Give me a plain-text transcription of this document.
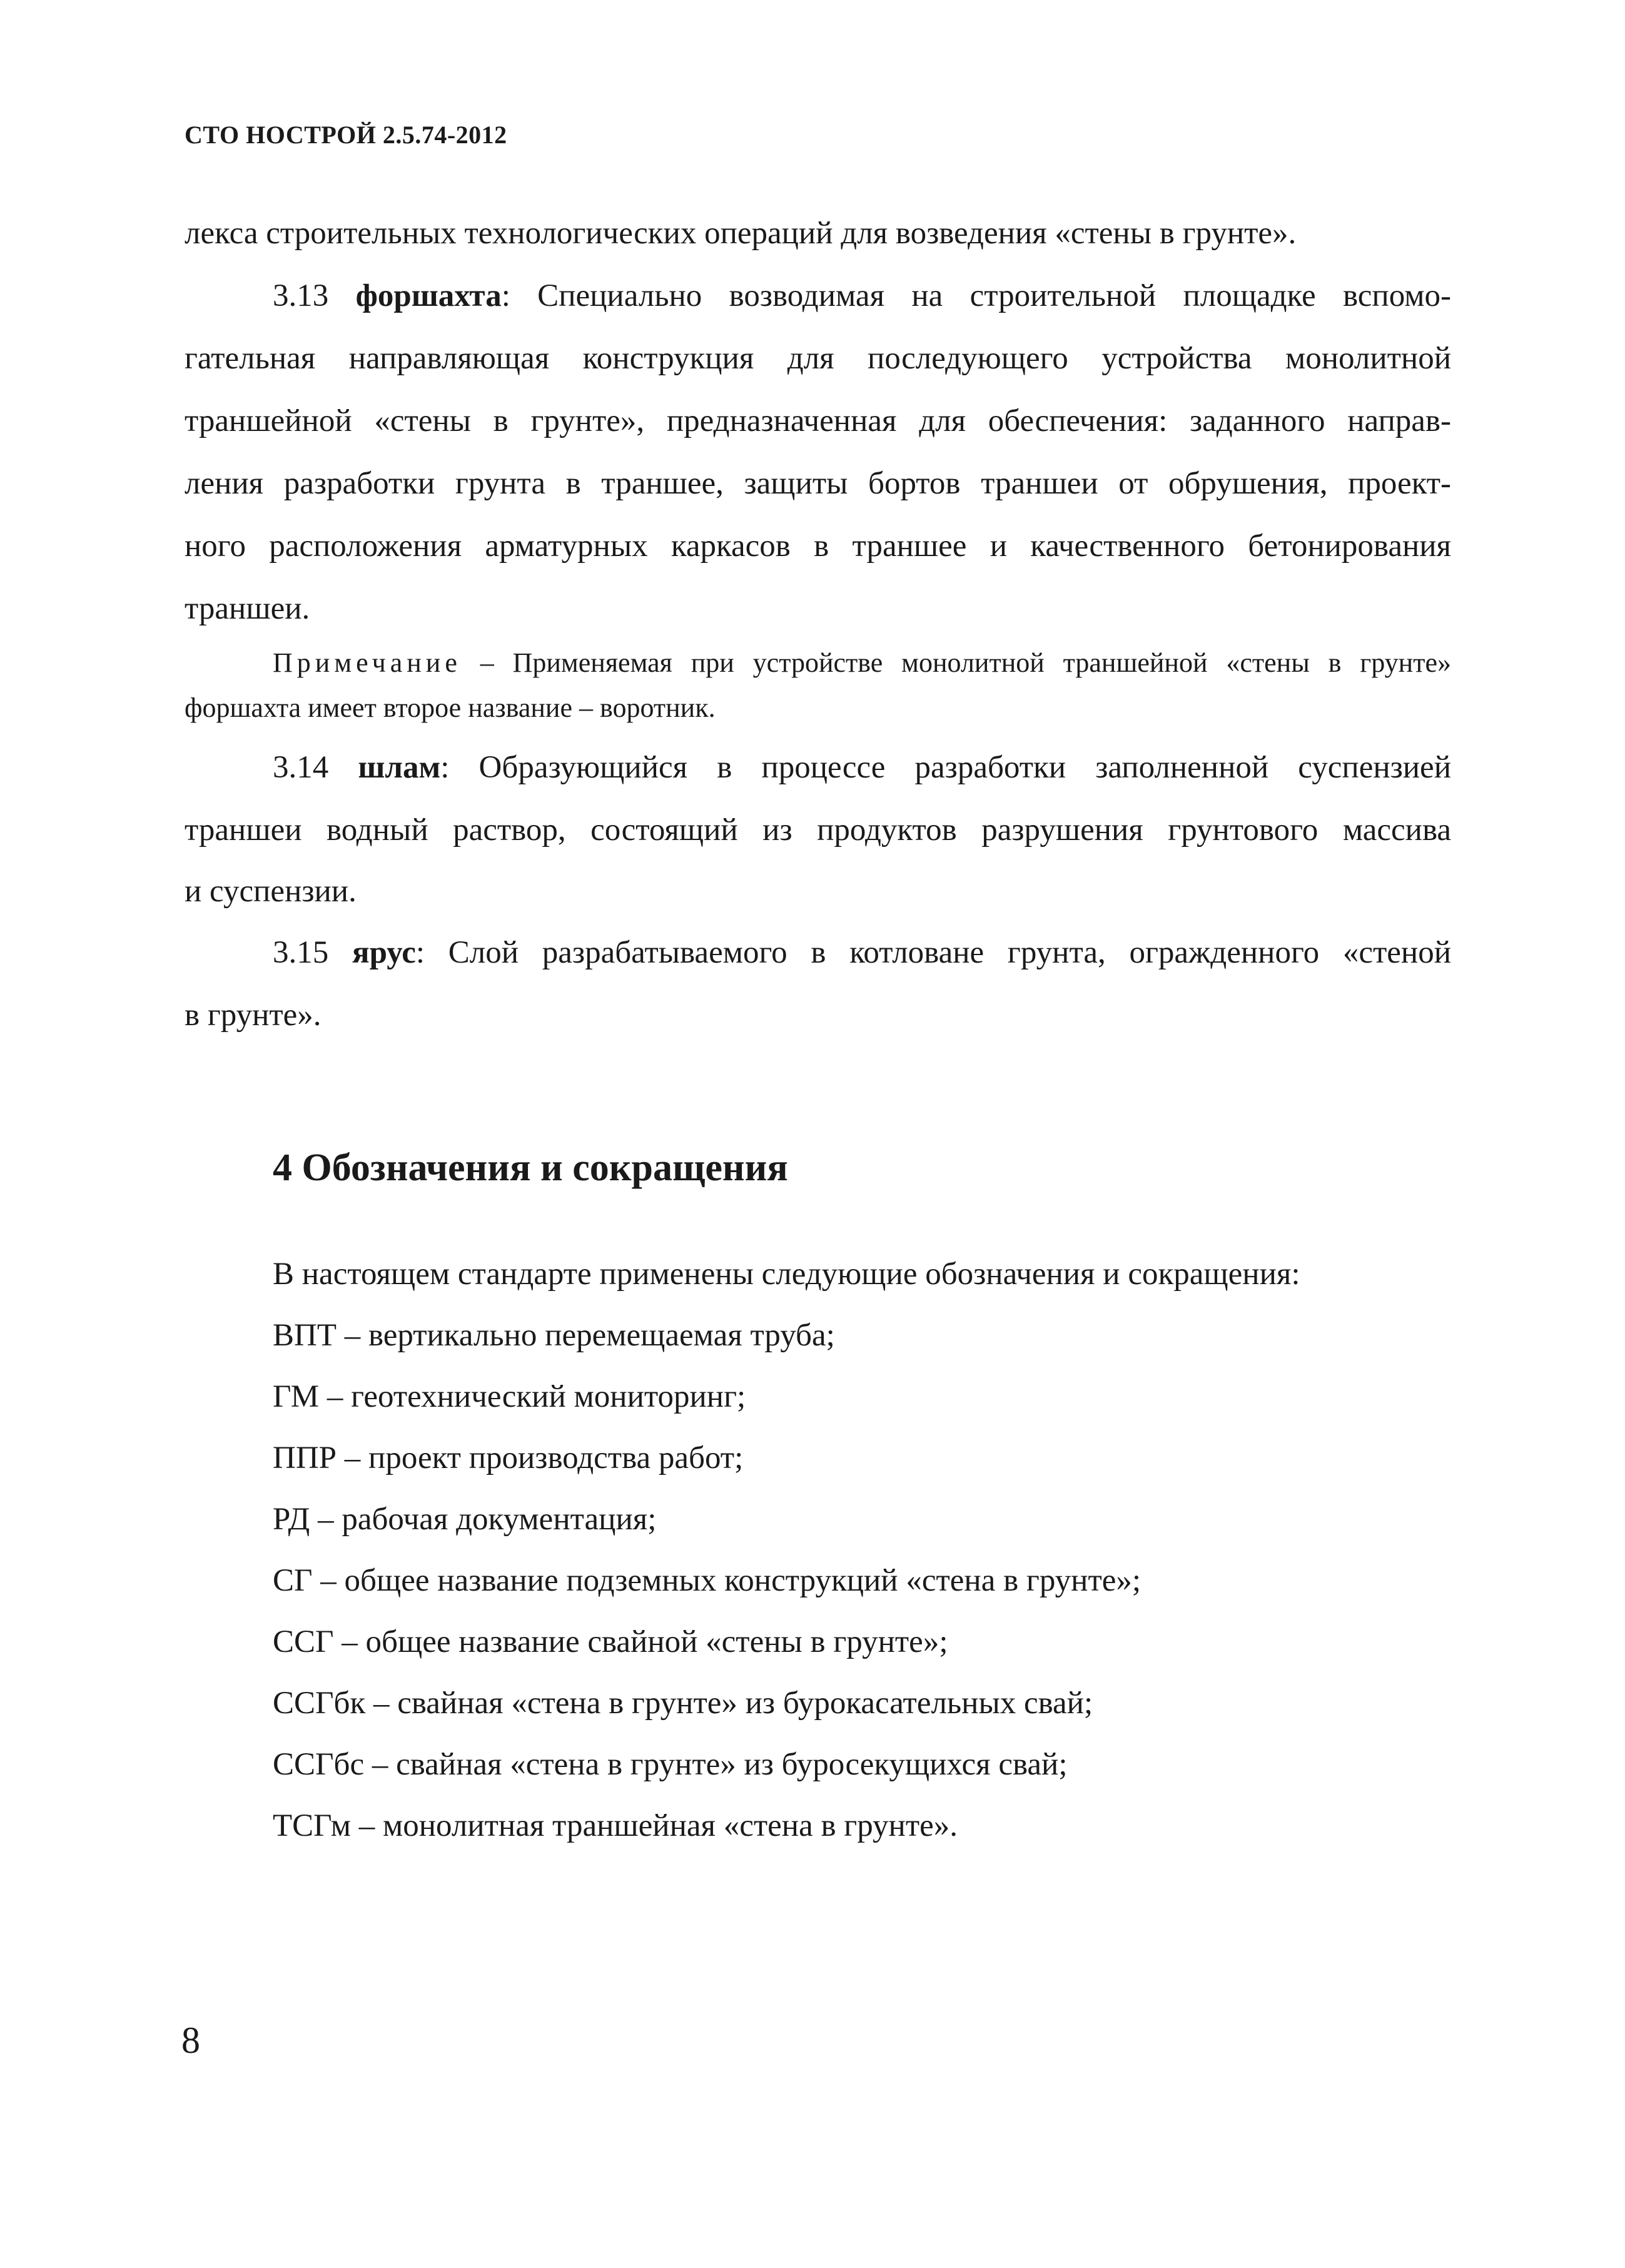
СТО НОСТРОЙ 2.5.74-2012
лекса строительных технологических операций для возведения «стены в грунте».
3.13 форшахта: Специально возводимая на строительной площадке вспомо-
гательная направляющая конструкция для последующего устройства монолитной
траншейной «стены в грунте», предназначенная для обеспечения: заданного направ-
ления разработки грунта в траншее, защиты бортов траншеи от обрушения, проект-
ного расположения арматурных каркасов в траншее и качественного бетонирования
траншеи.
Примечание – Применяемая при устройстве монолитной траншейной «стены в грунте»
форшахта имеет второе название – воротник.
3.14 шлам: Образующийся в процессе разработки заполненной суспензией
траншеи водный раствор, состоящий из продуктов разрушения грунтового массива
и суспензии.
3.15 ярус: Слой разрабатываемого в котловане грунта, огражденного «стеной
в грунте».
4 Обозначения и сокращения
В настоящем стандарте применены следующие обозначения и сокращения:
ВПТ – вертикально перемещаемая труба;
ГМ – геотехнический мониторинг;
ППР – проект производства работ;
РД – рабочая документация;
СГ – общее название подземных конструкций «стена в грунте»;
ССГ – общее название свайной «стены в грунте»;
ССГбк – свайная «стена в грунте» из бурокасательных свай;
ССГбс – свайная «стена в грунте» из буросекущихся свай;
ТСГм – монолитная траншейная «стена в грунте».
8
